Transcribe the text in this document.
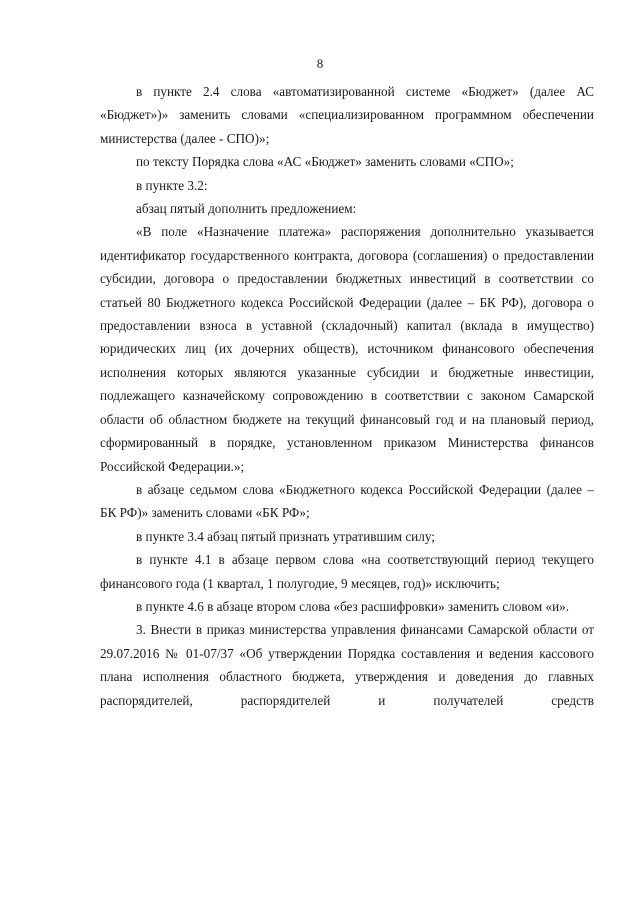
8

в пункте 2.4 слова «автоматизированной системе «Бюджет» (далее АС «Бюджет»)» заменить словами «специализированном программном обеспечении министерства (далее - СПО)»;

по тексту Порядка слова «АС «Бюджет» заменить словами «СПО»;

в пункте 3.2:

абзац пятый дополнить предложением:

«В поле «Назначение платежа» распоряжения дополнительно указывается идентификатор государственного контракта, договора (соглашения) о предоставлении субсидии, договора о предоставлении бюджетных инвестиций в соответствии со статьей 80 Бюджетного кодекса Российской Федерации (далее – БК РФ), договора о предоставлении взноса в уставной (складочный) капитал (вклада в имущество) юридических лиц (их дочерних обществ), источником финансового обеспечения исполнения которых являются указанные субсидии и бюджетные инвестиции, подлежащего казначейскому сопровождению в соответствии с законом Самарской области об областном бюджете на текущий финансовый год и на плановый период, сформированный в порядке, установленном приказом Министерства финансов Российской Федерации.»;

в абзаце седьмом слова «Бюджетного кодекса Российской Федерации (далее – БК РФ)» заменить словами «БК РФ»;

в пункте 3.4 абзац пятый признать утратившим силу;

в пункте 4.1 в абзаце первом слова «на соответствующий период текущего финансового года (1 квартал, 1 полугодие, 9 месяцев, год)» исключить;

в пункте 4.6 в абзаце втором слова «без расшифровки» заменить словом «и».

3. Внести в приказ министерства управления финансами Самарской области от 29.07.2016 № 01-07/37 «Об утверждении Порядка составления и ведения кассового плана исполнения областного бюджета, утверждения и доведения до главных распорядителей, распорядителей и получателей средств
